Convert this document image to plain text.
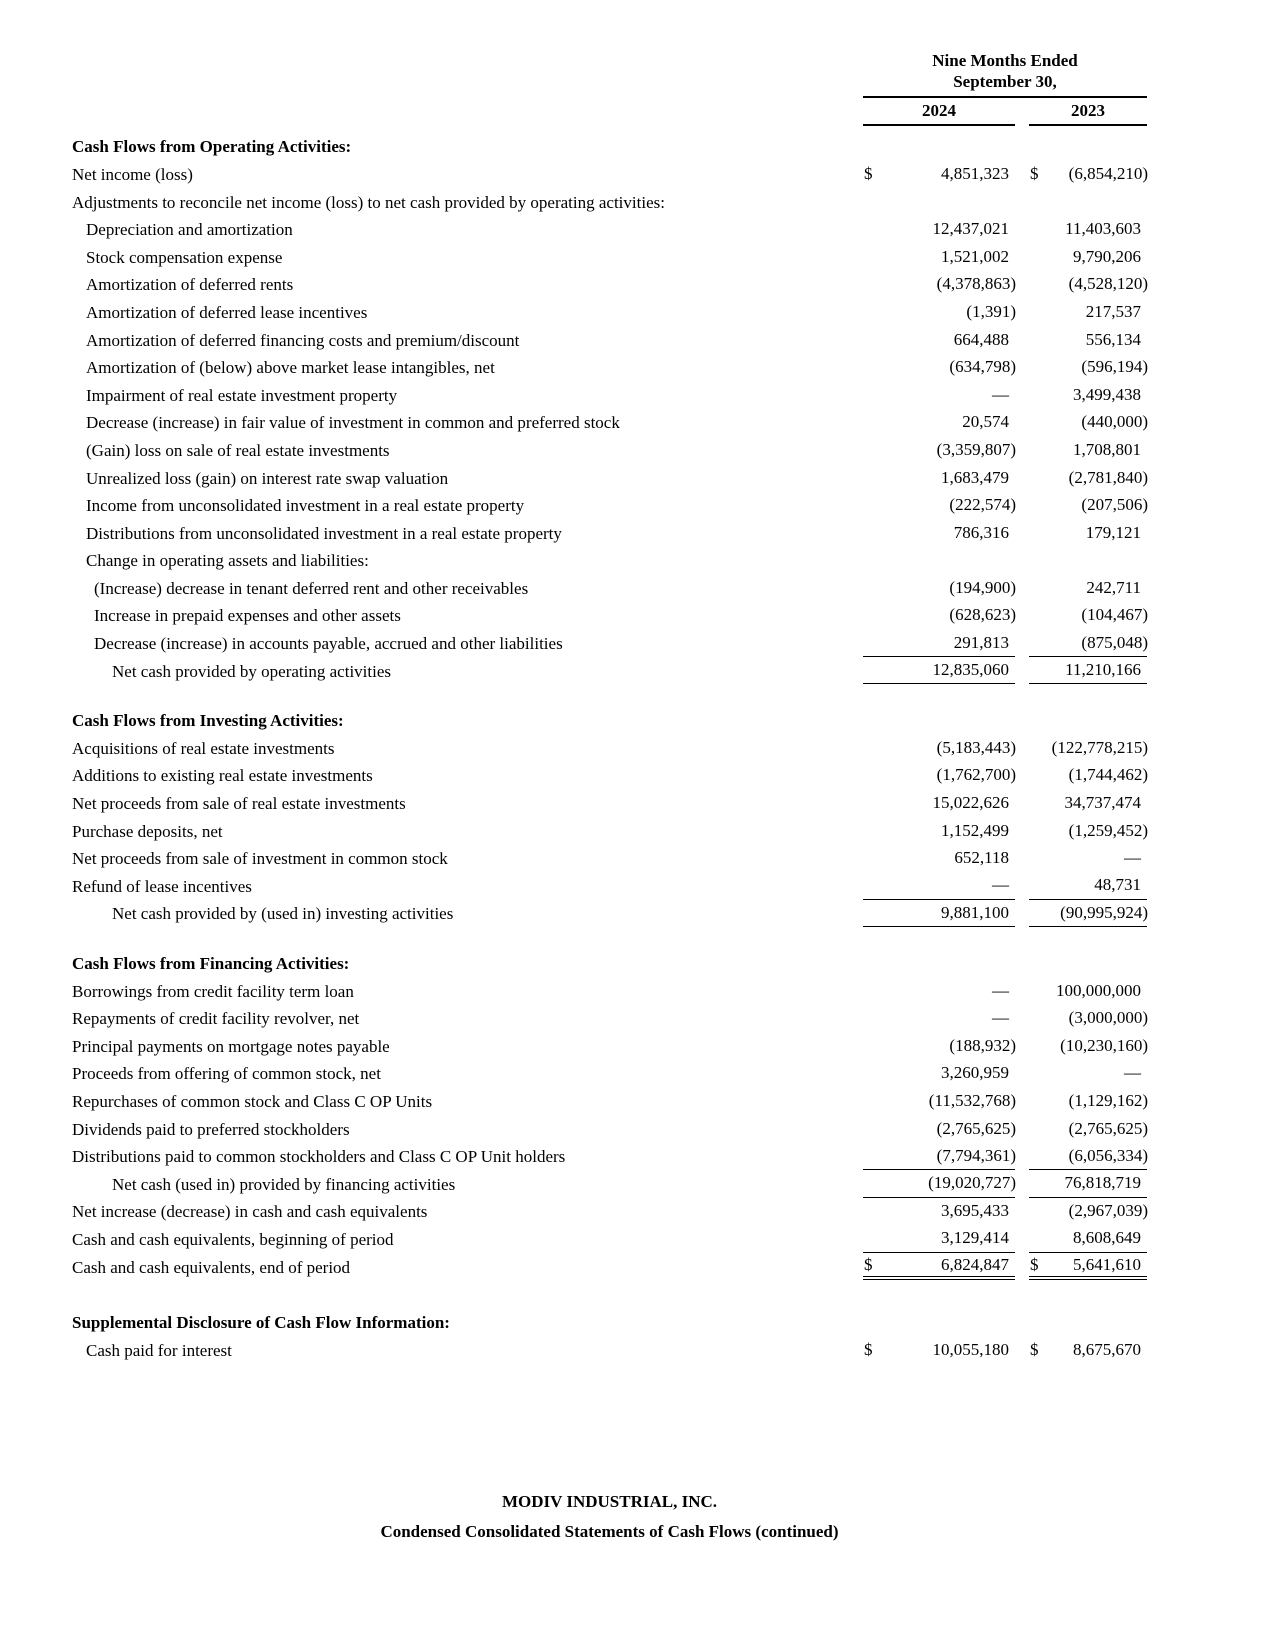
Nine Months Ended
September 30,
2024	2023
Cash Flows from Operating Activities:
Net income (loss)	$	4,851,323	$ (6,854,210)
Adjustments to reconcile net income (loss) to net cash provided by operating activities:
Depreciation and amortization	12,437,021	11,403,603
Stock compensation expense	1,521,002	9,790,206
Amortization of deferred rents	(4,378,863)	(4,528,120)
Amortization of deferred lease incentives	(1,391)	217,537
Amortization of deferred financing costs and premium/discount	664,488	556,134
Amortization of (below) above market lease intangibles, net	(634,798)	(596,194)
Impairment of real estate investment property	—	3,499,438
Decrease (increase) in fair value of investment in common and preferred stock	20,574	(440,000)
(Gain) loss on sale of real estate investments	(3,359,807)	1,708,801
Unrealized loss (gain) on interest rate swap valuation	1,683,479	(2,781,840)
Income from unconsolidated investment in a real estate property	(222,574)	(207,506)
Distributions from unconsolidated investment in a real estate property	786,316	179,121
Change in operating assets and liabilities:
(Increase) decrease in tenant deferred rent and other receivables	(194,900)	242,711
Increase in prepaid expenses and other assets	(628,623)	(104,467)
Decrease (increase) in accounts payable, accrued and other liabilities	291,813	(875,048)
Net cash provided by operating activities	12,835,060	11,210,166
Cash Flows from Investing Activities:
Acquisitions of real estate investments	(5,183,443)	(122,778,215)
Additions to existing real estate investments	(1,762,700)	(1,744,462)
Net proceeds from sale of real estate investments	15,022,626	34,737,474
Purchase deposits, net	1,152,499	(1,259,452)
Net proceeds from sale of investment in common stock	652,118	—
Refund of lease incentives	—	48,731
Net cash provided by (used in) investing activities	9,881,100	(90,995,924)
Cash Flows from Financing Activities:
Borrowings from credit facility term loan	—	100,000,000
Repayments of credit facility revolver, net	—	(3,000,000)
Principal payments on mortgage notes payable	(188,932)	(10,230,160)
Proceeds from offering of common stock, net	3,260,959	—
Repurchases of common stock and Class C OP Units	(11,532,768)	(1,129,162)
Dividends paid to preferred stockholders	(2,765,625)	(2,765,625)
Distributions paid to common stockholders and Class C OP Unit holders	(7,794,361)	(6,056,334)
Net cash (used in) provided by financing activities	(19,020,727)	76,818,719
Net increase (decrease) in cash and cash equivalents	3,695,433	(2,967,039)
Cash and cash equivalents, beginning of period	3,129,414	8,608,649
Cash and cash equivalents, end of period	$	6,824,847	$ 5,641,610
Supplemental Disclosure of Cash Flow Information:
Cash paid for interest	$	10,055,180	$ 8,675,670
MODIV INDUSTRIAL, INC.
Condensed Consolidated Statements of Cash Flows (continued)
